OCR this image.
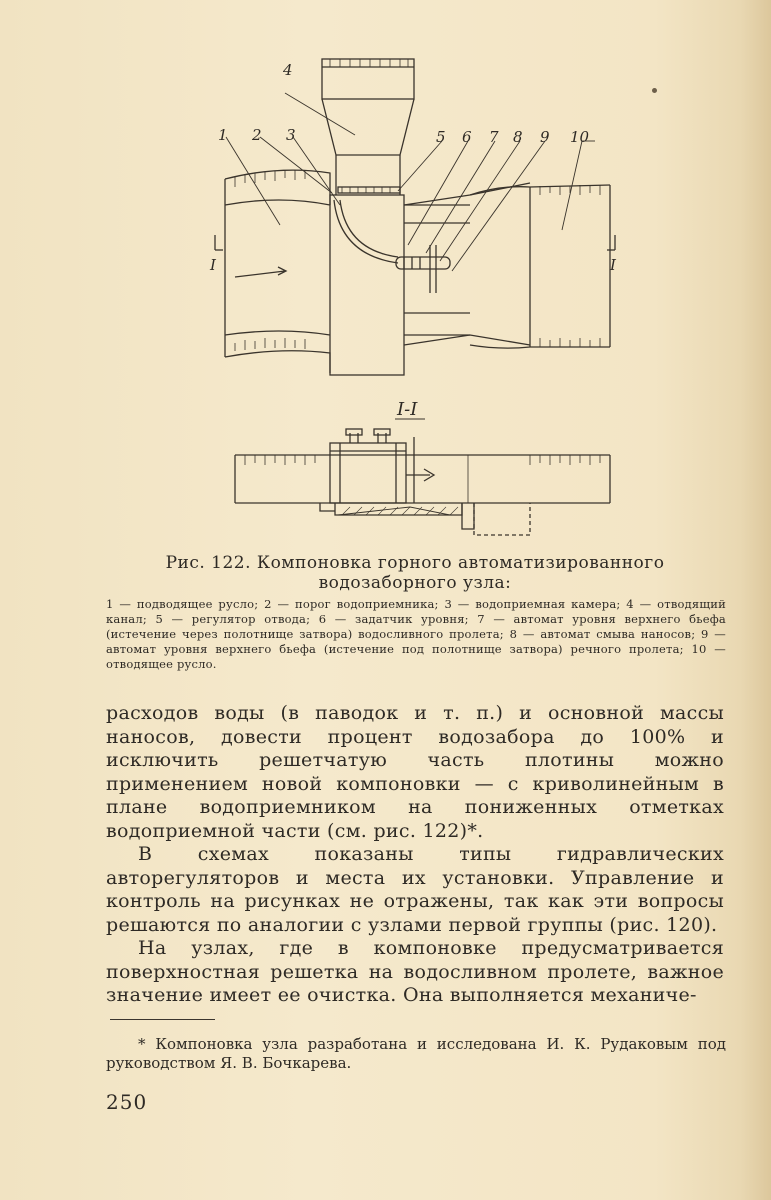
4
1 2 3	5 6 7 8 9 10
I	I
I-I
Рис. 122. Компоновка горного автоматизированного водозаборного узла:
1 — подводящее русло; 2 — порог водоприемника; 3 — водоприемная камера; 4 — отводящий канал; 5 — регулятор отвода; 6 — задатчик уровня; 7 — автомат уровня верхнего бьефа (истечение через полотнище затвора) водосливного пролета; 8 — автомат смыва наносов; 9 — автомат уровня верхнего бьефа (истечение под полотнище затвора) речного пролета; 10 — отводящее русло.

расходов воды (в паводок и т. п.) и основной массы наносов, довести процент водозабора до 100% и исключить решетчатую часть плотины можно применением новой компоновки — с криволинейным в плане водоприемником на пониженных отметках водоприемной части (см. рис. 122)*.

В схемах показаны типы гидравлических авторегуляторов и места их установки. Управление и контроль на рисунках не отражены, так как эти вопросы решаются по аналогии с узлами первой группы (рис. 120).

На узлах, где в компоновке предусматривается поверхностная решетка на водосливном пролете, важное значение имеет ее очистка. Она выполняется механиче-

* Компоновка узла разработана и исследована И. К. Рудаковым под руководством Я. В. Бочкарева.
250
